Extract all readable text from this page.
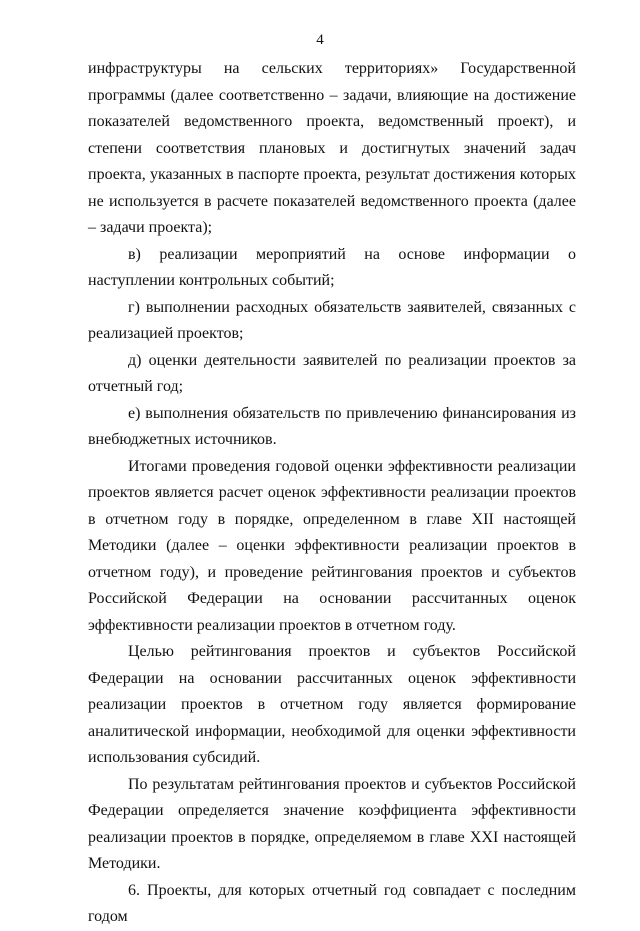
4

инфраструктуры на сельских территориях» Государственной программы (далее соответственно – задачи, влияющие на достижение показателей ведомственного проекта, ведомственный проект), и степени соответствия плановых и достигнутых значений задач проекта, указанных в паспорте проекта, результат достижения которых не используется в расчете показателей ведомственного проекта (далее – задачи проекта);

в) реализации мероприятий на основе информации о наступлении контрольных событий;

г) выполнении расходных обязательств заявителей, связанных с реализацией проектов;

д) оценки деятельности заявителей по реализации проектов за отчетный год;

е) выполнения обязательств по привлечению финансирования из внебюджетных источников.

Итогами проведения годовой оценки эффективности реализации проектов является расчет оценок эффективности реализации проектов в отчетном году в порядке, определенном в главе XII настоящей Методики (далее – оценки эффективности реализации проектов в отчетном году), и проведение рейтингования проектов и субъектов Российской Федерации на основании рассчитанных оценок эффективности реализации проектов в отчетном году.

Целью рейтингования проектов и субъектов Российской Федерации на основании рассчитанных оценок эффективности реализации проектов в отчетном году является формирование аналитической информации, необходимой для оценки эффективности использования субсидий.

По результатам рейтингования проектов и субъектов Российской Федерации определяется значение коэффициента эффективности реализации проектов в порядке, определяемом в главе XXI настоящей Методики.

6. Проекты, для которых отчетный год совпадает с последним годом
